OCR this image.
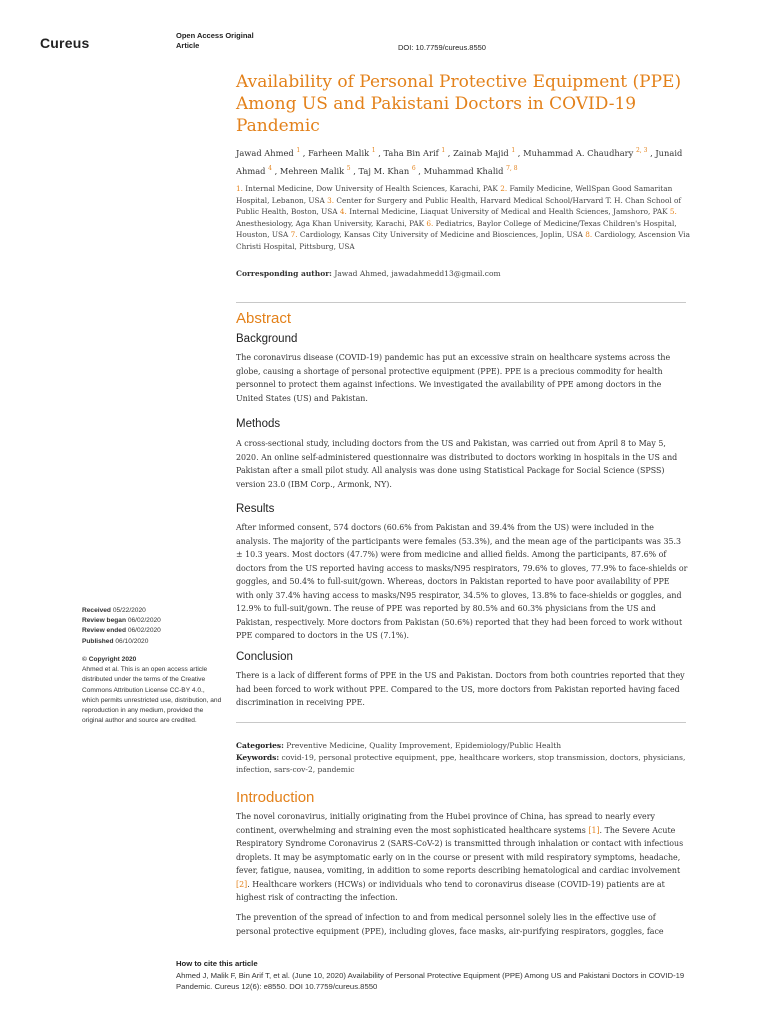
Cureus	Open Access Original
Article	DOI: 10.7759/cureus.8550
Availability of Personal Protective Equipment (PPE) Among US and Pakistani Doctors in COVID-19 Pandemic
Jawad Ahmed $^1$ , Farheen Malik $^1$ , Taha Bin Arif $^1$ , Zainab Majid $^1$ , Muhammad A. Chaudhary $^{2, 3}$ , Junaid Ahmad $^4$ , Mehreen Malik $^5$ , Taj M. Khan $^6$ , Muhammad Khalid $^{7, 8}$
1. Internal Medicine, Dow University of Health Sciences, Karachi, PAK 2. Family Medicine, WellSpan Good Samaritan Hospital, Lebanon, USA 3. Center for Surgery and Public Health, Harvard Medical School/Harvard T. H. Chan School of Public Health, Boston, USA 4. Internal Medicine, Liaquat University of Medical and Health Sciences, Jamshoro, PAK 5. Anesthesiology, Aga Khan University, Karachi, PAK 6. Pediatrics, Baylor College of Medicine/Texas Children's Hospital, Houston, USA 7. Cardiology, Kansas City University of Medicine and Biosciences, Joplin, USA 8. Cardiology, Ascension Via Christi Hospital, Pittsburg, USA
Corresponding author: Jawad Ahmed, jawadahmedd13@gmail.com
Abstract
Background
The coronavirus disease (COVID-19) pandemic has put an excessive strain on healthcare systems across the globe, causing a shortage of personal protective equipment (PPE). PPE is a precious commodity for health personnel to protect them against infections. We investigated the availability of PPE among doctors in the United States (US) and Pakistan.
Methods
A cross-sectional study, including doctors from the US and Pakistan, was carried out from April 8 to May 5, 2020. An online self-administered questionnaire was distributed to doctors working in hospitals in the US and Pakistan after a small pilot study. All analysis was done using Statistical Package for Social Science (SPSS) version 23.0 (IBM Corp., Armonk, NY).
Results
After informed consent, 574 doctors (60.6% from Pakistan and 39.4% from the US) were included in the analysis. The majority of the participants were females (53.3%), and the mean age of the participants was 35.3 ± 10.3 years. Most doctors (47.7%) were from medicine and allied fields. Among the participants, 87.6% of doctors from the US reported having access to masks/N95 respirators, 79.6% to gloves, 77.9% to face-shields or goggles, and 50.4% to full-suit/gown. Whereas, doctors in Pakistan reported to have poor availability of PPE with only 37.4% having access to masks/N95 respirator, 34.5% to gloves, 13.8% to face-shields or goggles, and 12.9% to full-suit/gown. The reuse of PPE was reported by 80.5% and 60.3% physicians from the US and Pakistan, respectively. More doctors from Pakistan (50.6%) reported that they had been forced to work without PPE compared to doctors in the US (7.1%).
Conclusion
There is a lack of different forms of PPE in the US and Pakistan. Doctors from both countries reported that they had been forced to work without PPE. Compared to the US, more doctors from Pakistan reported having faced discrimination in receiving PPE.
Received 05/22/2020
Review began 06/02/2020
Review ended 06/02/2020
Published 06/10/2020
© Copyright 2020
Ahmed et al. This is an open access article distributed under the terms of the Creative Commons Attribution License CC-BY 4.0., which permits unrestricted use, distribution, and reproduction in any medium, provided the original author and source are credited.
Categories: Preventive Medicine, Quality Improvement, Epidemiology/Public Health
Keywords: covid-19, personal protective equipment, ppe, healthcare workers, stop transmission, doctors, physicians, infection, sars-cov-2, pandemic
Introduction
The novel coronavirus, initially originating from the Hubei province of China, has spread to nearly every continent, overwhelming and straining even the most sophisticated healthcare systems [1]. The Severe Acute Respiratory Syndrome Coronavirus 2 (SARS-CoV-2) is transmitted through inhalation or contact with infectious droplets. It may be asymptomatic early on in the course or present with mild respiratory symptoms, headache, fever, fatigue, nausea, vomiting, in addition to some reports describing hematological and cardiac involvement [2]. Healthcare workers (HCWs) or individuals who tend to coronavirus disease (COVID-19) patients are at highest risk of contracting the infection.
The prevention of the spread of infection to and from medical personnel solely lies in the effective use of personal protective equipment (PPE), including gloves, face masks, air-purifying respirators, goggles, face
How to cite this article
Ahmed J, Malik F, Bin Arif T, et al. (June 10, 2020) Availability of Personal Protective Equipment (PPE) Among US and Pakistani Doctors in COVID-19 Pandemic. Cureus 12(6): e8550. DOI 10.7759/cureus.8550
